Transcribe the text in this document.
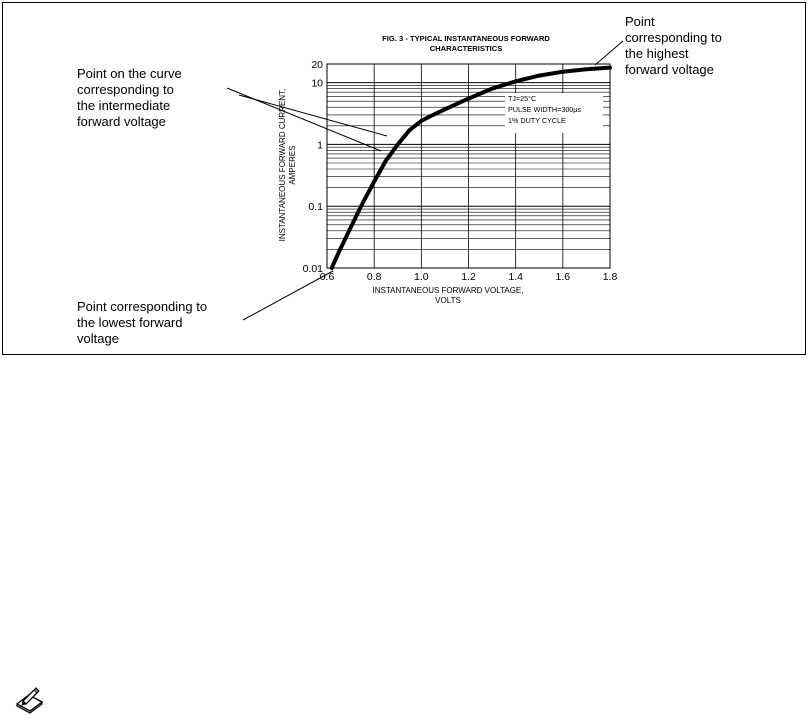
0.6	0.8	1.0	1.2	1.4	1.6	1.8
0.01
0.1
1
10
20
FIG. 3 - TYPICAL INSTANTANEOUS FORWARD
CHARACTERISTICS
INSTANTANEOUS FORWARD VOLTAGE,
VOLTS
INSTANTANEOUS FORWARD CURRENT, AMPERES
TJ=25°C
PULSE WIDTH=300μs
1% DUTY CYCLE
Point on the curve
corresponding to
the intermediate
forward voltage
Point
corresponding to
the highest
forward voltage
Point corresponding to
the lowest forward
voltage
